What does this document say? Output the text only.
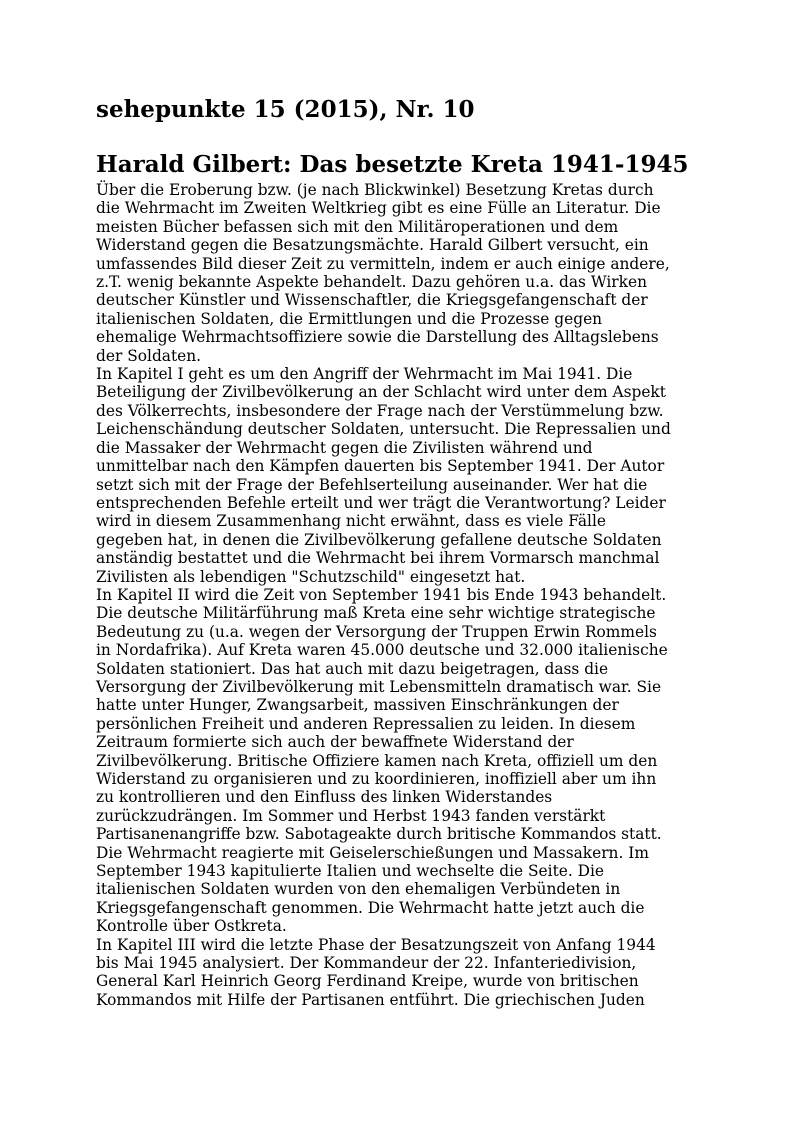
sehepunkte 15 (2015), Nr. 10
Harald Gilbert: Das besetzte Kreta 1941-1945
Über die Eroberung bzw. (je nach Blickwinkel) Besetzung Kretas durch
die Wehrmacht im Zweiten Weltkrieg gibt es eine Fülle an Literatur. Die
meisten Bücher befassen sich mit den Militäroperationen und dem
Widerstand gegen die Besatzungsmächte. Harald Gilbert versucht, ein
umfassendes Bild dieser Zeit zu vermitteln, indem er auch einige andere,
z.T. wenig bekannte Aspekte behandelt. Dazu gehören u.a. das Wirken
deutscher Künstler und Wissenschaftler, die Kriegsgefangenschaft der
italienischen Soldaten, die Ermittlungen und die Prozesse gegen
ehemalige Wehrmachtsoffiziere sowie die Darstellung des Alltagslebens
der Soldaten.
In Kapitel I geht es um den Angriff der Wehrmacht im Mai 1941. Die
Beteiligung der Zivilbevölkerung an der Schlacht wird unter dem Aspekt
des Völkerrechts, insbesondere der Frage nach der Verstümmelung bzw.
Leichenschändung deutscher Soldaten, untersucht. Die Repressalien und
die Massaker der Wehrmacht gegen die Zivilisten während und
unmittelbar nach den Kämpfen dauerten bis September 1941. Der Autor
setzt sich mit der Frage der Befehlserteilung auseinander. Wer hat die
entsprechenden Befehle erteilt und wer trägt die Verantwortung? Leider
wird in diesem Zusammenhang nicht erwähnt, dass es viele Fälle
gegeben hat, in denen die Zivilbevölkerung gefallene deutsche Soldaten
anständig bestattet und die Wehrmacht bei ihrem Vormarsch manchmal
Zivilisten als lebendigen "Schutzschild" eingesetzt hat.
In Kapitel II wird die Zeit von September 1941 bis Ende 1943 behandelt.
Die deutsche Militärführung maß Kreta eine sehr wichtige strategische
Bedeutung zu (u.a. wegen der Versorgung der Truppen Erwin Rommels
in Nordafrika). Auf Kreta waren 45.000 deutsche und 32.000 italienische
Soldaten stationiert. Das hat auch mit dazu beigetragen, dass die
Versorgung der Zivilbevölkerung mit Lebensmitteln dramatisch war. Sie
hatte unter Hunger, Zwangsarbeit, massiven Einschränkungen der
persönlichen Freiheit und anderen Repressalien zu leiden. In diesem
Zeitraum formierte sich auch der bewaffnete Widerstand der
Zivilbevölkerung. Britische Offiziere kamen nach Kreta, offiziell um den
Widerstand zu organisieren und zu koordinieren, inoffiziell aber um ihn
zu kontrollieren und den Einfluss des linken Widerstandes
zurückzudrängen. Im Sommer und Herbst 1943 fanden verstärkt
Partisanenangriffe bzw. Sabotageakte durch britische Kommandos statt.
Die Wehrmacht reagierte mit Geiselerschießungen und Massakern. Im
September 1943 kapitulierte Italien und wechselte die Seite. Die
italienischen Soldaten wurden von den ehemaligen Verbündeten in
Kriegsgefangenschaft genommen. Die Wehrmacht hatte jetzt auch die
Kontrolle über Ostkreta.
In Kapitel III wird die letzte Phase der Besatzungszeit von Anfang 1944
bis Mai 1945 analysiert. Der Kommandeur der 22. Infanteriedivision,
General Karl Heinrich Georg Ferdinand Kreipe, wurde von britischen
Kommandos mit Hilfe der Partisanen entführt. Die griechischen Juden
